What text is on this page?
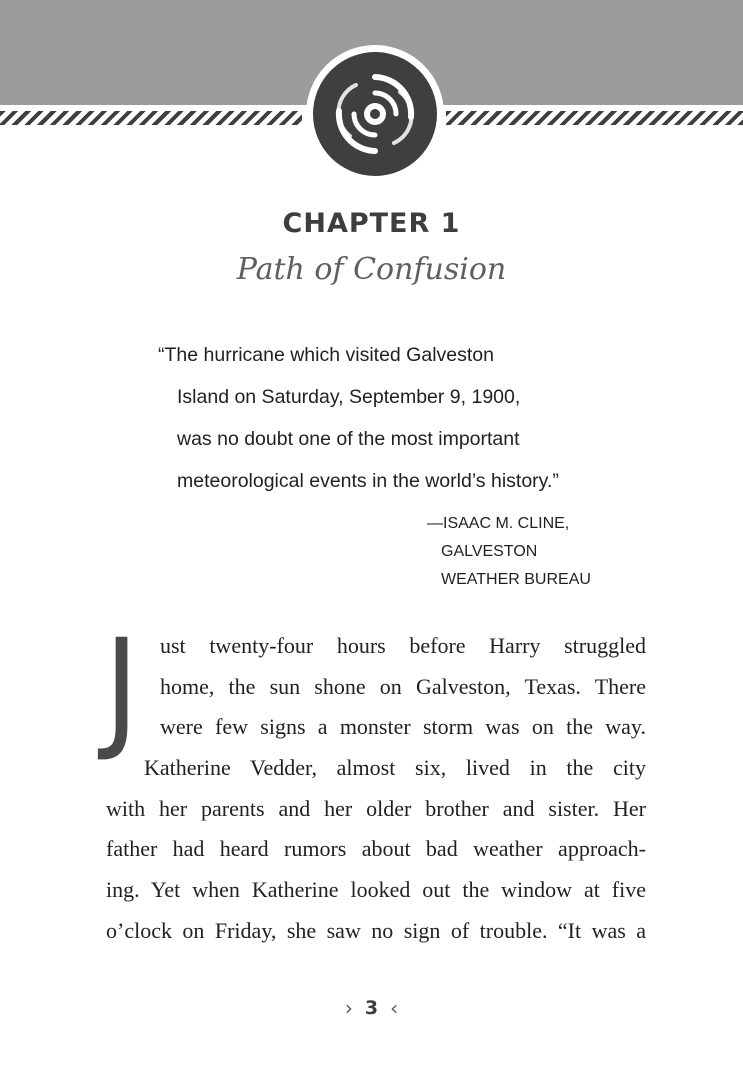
CHAPTER 1
Path of Confusion
“The hurricane which visited Galveston
Island on Saturday, September 9, 1900,
was no doubt one of the most important
meteorological events in the world’s history.”
—ISAAC M. CLINE,
GALVESTON
WEATHER BUREAU
J ust twenty-four hours before Harry struggled
home, the sun shone on Galveston, Texas. There
were few signs a monster storm was on the way.
Katherine Vedder, almost six, lived in the city
with her parents and her older brother and sister. Her
father had heard rumors about bad weather approach-
ing. Yet when Katherine looked out the window at five
o’clock on Friday, she saw no sign of trouble. “It was a
› 3 ‹
